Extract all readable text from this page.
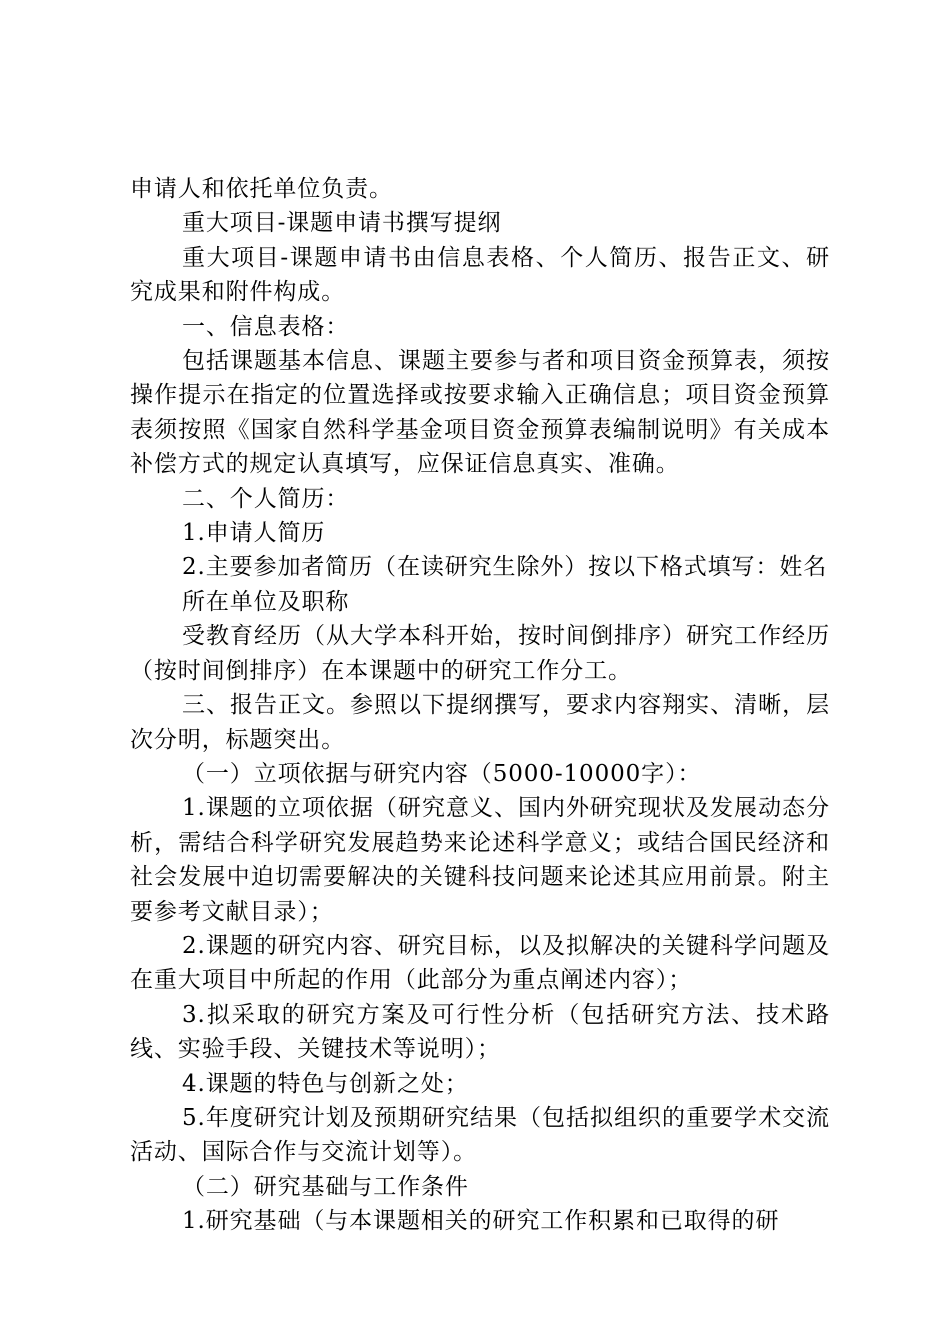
申请人和依托单位负责。

重大项目-课题申请书撰写提纲

重大项目-课题申请书由信息表格、个人简历、报告正文、研究成果和附件构成。

一、信息表格：

包括课题基本信息、课题主要参与者和项目资金预算表，须按操作提示在指定的位置选择或按要求输入正确信息；项目资金预算表须按照《国家自然科学基金项目资金预算表编制说明》有关成本补偿方式的规定认真填写，应保证信息真实、准确。

二、个人简历：

1.申请人简历

2.主要参加者简历（在读研究生除外）按以下格式填写：姓名

所在单位及职称

受教育经历（从大学本科开始，按时间倒排序）研究工作经历（按时间倒排序）在本课题中的研究工作分工。

三、报告正文。参照以下提纲撰写，要求内容翔实、清晰，层次分明，标题突出。

（一）立项依据与研究内容（5000-10000字）：

1.课题的立项依据（研究意义、国内外研究现状及发展动态分析，需结合科学研究发展趋势来论述科学意义；或结合国民经济和社会发展中迫切需要解决的关键科技问题来论述其应用前景。附主要参考文献目录）；

2.课题的研究内容、研究目标，以及拟解决的关键科学问题及在重大项目中所起的作用（此部分为重点阐述内容）；

3.拟采取的研究方案及可行性分析（包括研究方法、技术路线、实验手段、关键技术等说明）；

4.课题的特色与创新之处；

5.年度研究计划及预期研究结果（包括拟组织的重要学术交流活动、国际合作与交流计划等）。

（二）研究基础与工作条件

1.研究基础（与本课题相关的研究工作积累和已取得的研
